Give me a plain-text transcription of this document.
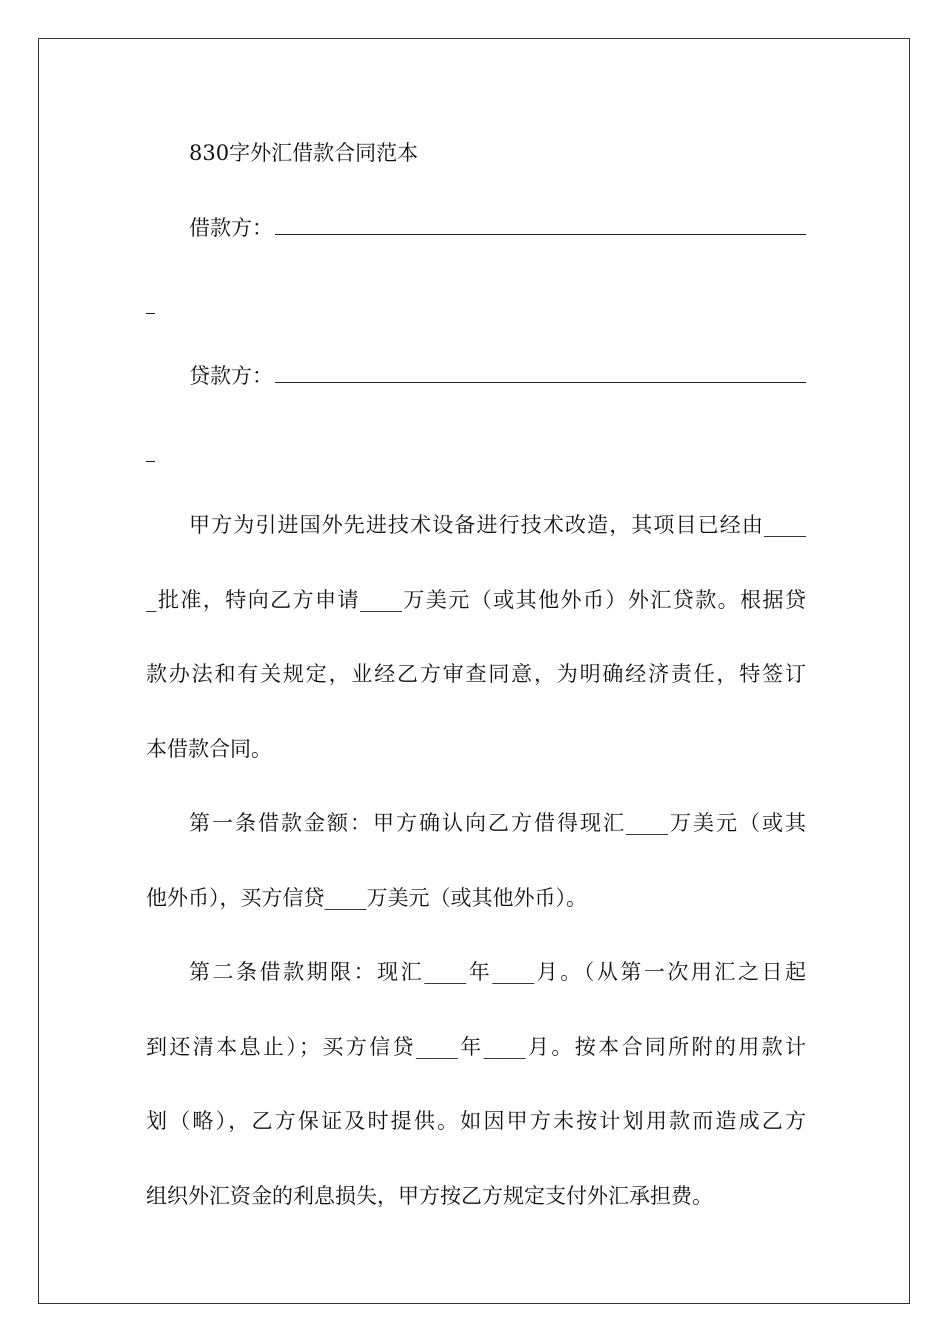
830字外汇借款合同范本
借款方：
贷款方：
甲方为引进国外先进技术设备进行技术改造，其项目已经由____
_批准，特向乙方申请____万美元（或其他外币）外汇贷款。根据贷
款办法和有关规定，业经乙方审查同意，为明确经济责任，特签订
本借款合同。
第一条借款金额：甲方确认向乙方借得现汇____万美元（或其
他外币），买方信贷____万美元（或其他外币）。
第二条借款期限：现汇____年____月。（从第一次用汇之日起
到还清本息止）；买方信贷____年____月。按本合同所附的用款计
划（略），乙方保证及时提供。如因甲方未按计划用款而造成乙方
组织外汇资金的利息损失，甲方按乙方规定支付外汇承担费。
